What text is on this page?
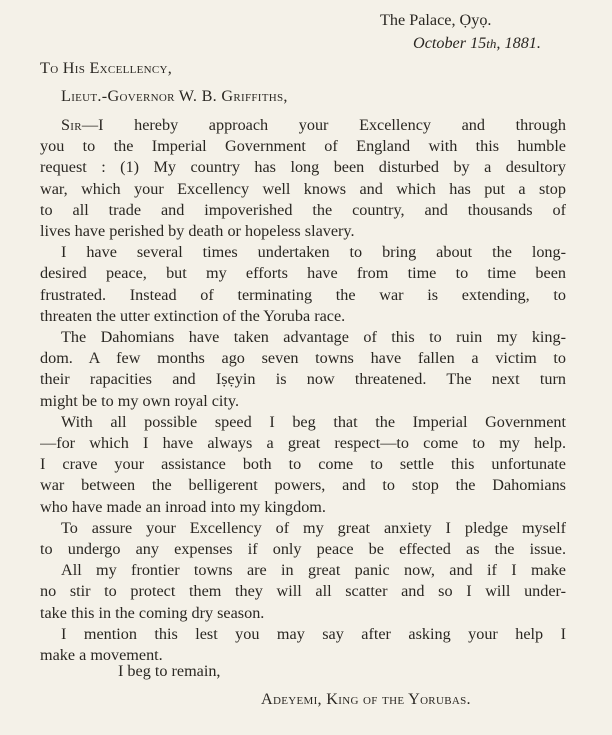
The Palace, Ọyọ.
October 15th, 1881.
To His Excellency,
Lieut.-Governor W. B. Griffiths,
Sir—I hereby approach your Excellency and through
you to the Imperial Government of England with this humble
request : (1) My country has long been disturbed by a desultory
war, which your Excellency well knows and which has put a stop
to all trade and impoverished the country, and thousands of
lives have perished by death or hopeless slavery.
I have several times undertaken to bring about the long-
desired peace, but my efforts have from time to time been
frustrated. Instead of terminating the war is extending, to
threaten the utter extinction of the Yoruba race.
The Dahomians have taken advantage of this to ruin my king-
dom. A few months ago seven towns have fallen a victim to
their rapacities and Iṣẹyin is now threatened. The next turn
might be to my own royal city.
With all possible speed I beg that the Imperial Government
—for which I have always a great respect—to come to my help.
I crave your assistance both to come to settle this unfortunate
war between the belligerent powers, and to stop the Dahomians
who have made an inroad into my kingdom.
To assure your Excellency of my great anxiety I pledge myself
to undergo any expenses if only peace be effected as the issue.
All my frontier towns are in great panic now, and if I make
no stir to protect them they will all scatter and so I will under-
take this in the coming dry season.
I mention this lest you may say after asking your help I
make a movement.
I beg to remain,
Adeyemi, King of the Yorubas.
